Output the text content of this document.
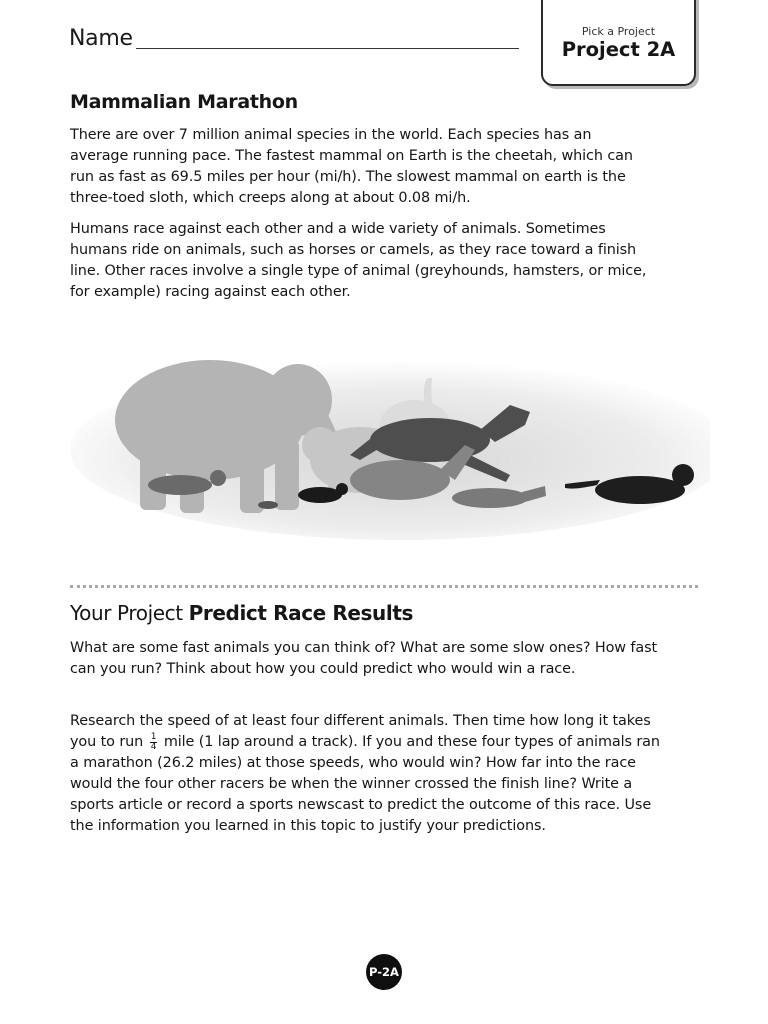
Name	Pick a Project
Project 2A
Mammalian Marathon

There are over 7 million animal species in the world. Each species has an average running pace. The fastest mammal on Earth is the cheetah, which can run as fast as 69.5 miles per hour (mi/h). The slowest mammal on earth is the three-toed sloth, which creeps along at about 0.08 mi/h.

Humans race against each other and a wide variety of animals. Sometimes humans ride on animals, such as horses or camels, as they race toward a finish line. Other races involve a single type of animal (greyhounds, hamsters, or mice, for example) racing against each other.

Your Project Predict Race Results

What are some fast animals you can think of? What are some slow ones? How fast can you run? Think about how you could predict who would win a race.

Research the speed of at least four different animals. Then time how long it takes you to run $\frac{1}{4}$ mile (1 lap around a track). If you and these four types of animals ran a marathon (26.2 miles) at those speeds, who would win? How far into the race would the four other racers be when the winner crossed the finish line? Write a sports article or record a sports newscast to predict the outcome of this race. Use the information you learned in this topic to justify your predictions.

P-2A
